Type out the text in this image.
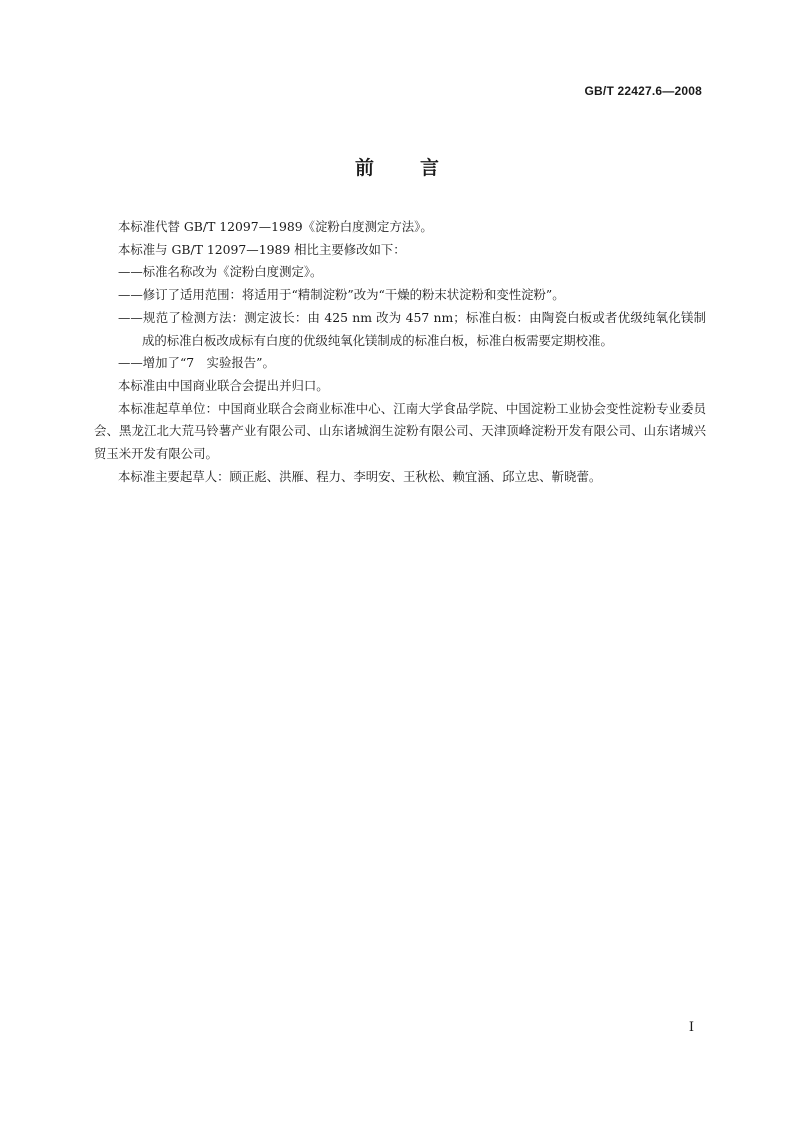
GB/T 22427.6—2008
前言

本标准代替 GB/T 12097—1989《淀粉白度测定方法》。

本标准与 GB/T 12097—1989 相比主要修改如下：

——标准名称改为《淀粉白度测定》。

——修订了适用范围：将适用于“精制淀粉”改为“干燥的粉末状淀粉和变性淀粉”。

——规范了检测方法：测定波长：由 425 nm 改为 457 nm；标准白板：由陶瓷白板或者优级纯氧化镁制成的标准白板改成标有白度的优级纯氧化镁制成的标准白板，标准白板需要定期校准。

——增加了“7　实验报告”。

本标准由中国商业联合会提出并归口。

本标准起草单位：中国商业联合会商业标准中心、江南大学食品学院、中国淀粉工业协会变性淀粉专业委员会、黑龙江北大荒马铃薯产业有限公司、山东诸城润生淀粉有限公司、天津顶峰淀粉开发有限公司、山东诸城兴贸玉米开发有限公司。

本标准主要起草人：顾正彪、洪雁、程力、李明安、王秋松、赖宜涵、邱立忠、靳晓蕾。

I
